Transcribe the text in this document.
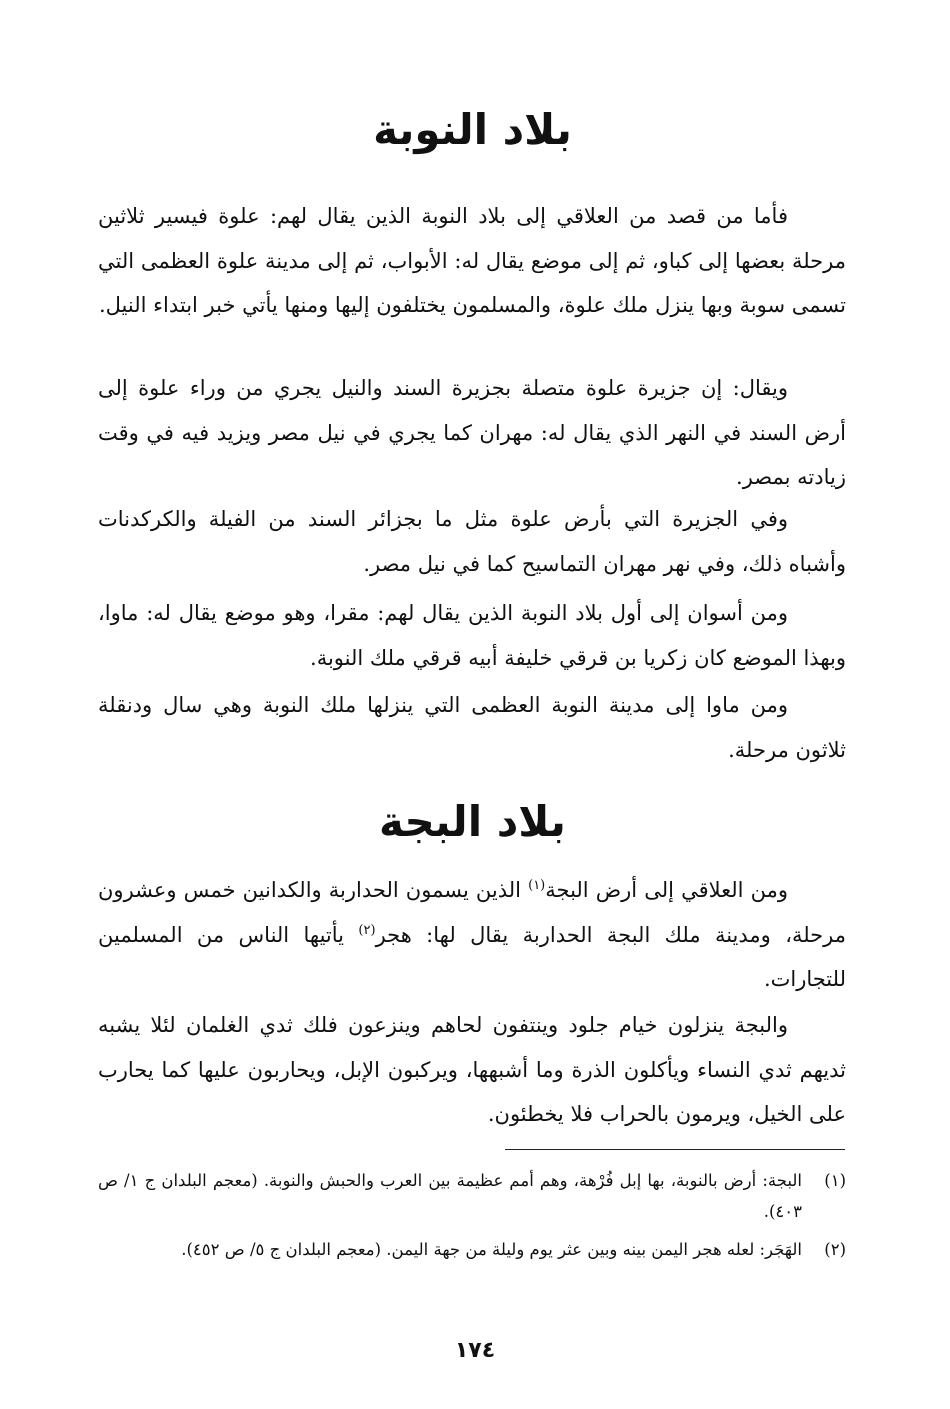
بلاد النوبة

فأما من قصد من العلاقي إلى بلاد النوبة الذين يقال لهم: علوة فيسير ثلاثين مرحلة بعضها إلى كباو، ثم إلى موضع يقال له: الأبواب، ثم إلى مدينة علوة العظمى التي تسمى سوبة وبها ينزل ملك علوة، والمسلمون يختلفون إليها ومنها يأتي خبر ابتداء النيل.

ويقال: إن جزيرة علوة متصلة بجزيرة السند والنيل يجري من وراء علوة إلى أرض السند في النهر الذي يقال له: مهران كما يجري في نيل مصر ويزيد فيه في وقت زيادته بمصر.

وفي الجزيرة التي بأرض علوة مثل ما بجزائر السند من الفيلة والكركدنات وأشباه ذلك، وفي نهر مهران التماسيح كما في نيل مصر.

ومن أسوان إلى أول بلاد النوبة الذين يقال لهم: مقرا، وهو موضع يقال له: ماوا، وبهذا الموضع كان زكريا بن قرقي خليفة أبيه قرقي ملك النوبة.

ومن ماوا إلى مدينة النوبة العظمى التي ينزلها ملك النوبة وهي سال ودنقلة ثلاثون مرحلة.

بلاد البجة

ومن العلاقي إلى أرض البجة$^{(١)}$ الذين يسمون الحداربة والكدانين خمس وعشرون مرحلة، ومدينة ملك البجة الحداربة يقال لها: هجر$^{(٢)}$ يأتيها الناس من المسلمين للتجارات.

والبجة ينزلون خيام جلود وينتفون لحاهم وينزعون فلك ثدي الغلمان لئلا يشبه ثديهم ثدي النساء ويأكلون الذرة وما أشبهها، ويركبون الإبل، ويحاربون عليها كما يحارب على الخيل، ويرمون بالحراب فلا يخطئون.

(١)
البجة: أرض بالنوبة، بها إبل فُرْهة، وهم أمم عظيمة بين العرب والحبش والنوبة. (معجم البلدان ج ١/ ص ٤٠٣).
(٢)
الهَجَر: لعله هجر اليمن بينه وبين عثر يوم وليلة من جهة اليمن. (معجم البلدان ج ٥/ ص ٤٥٢).
١٧٤
